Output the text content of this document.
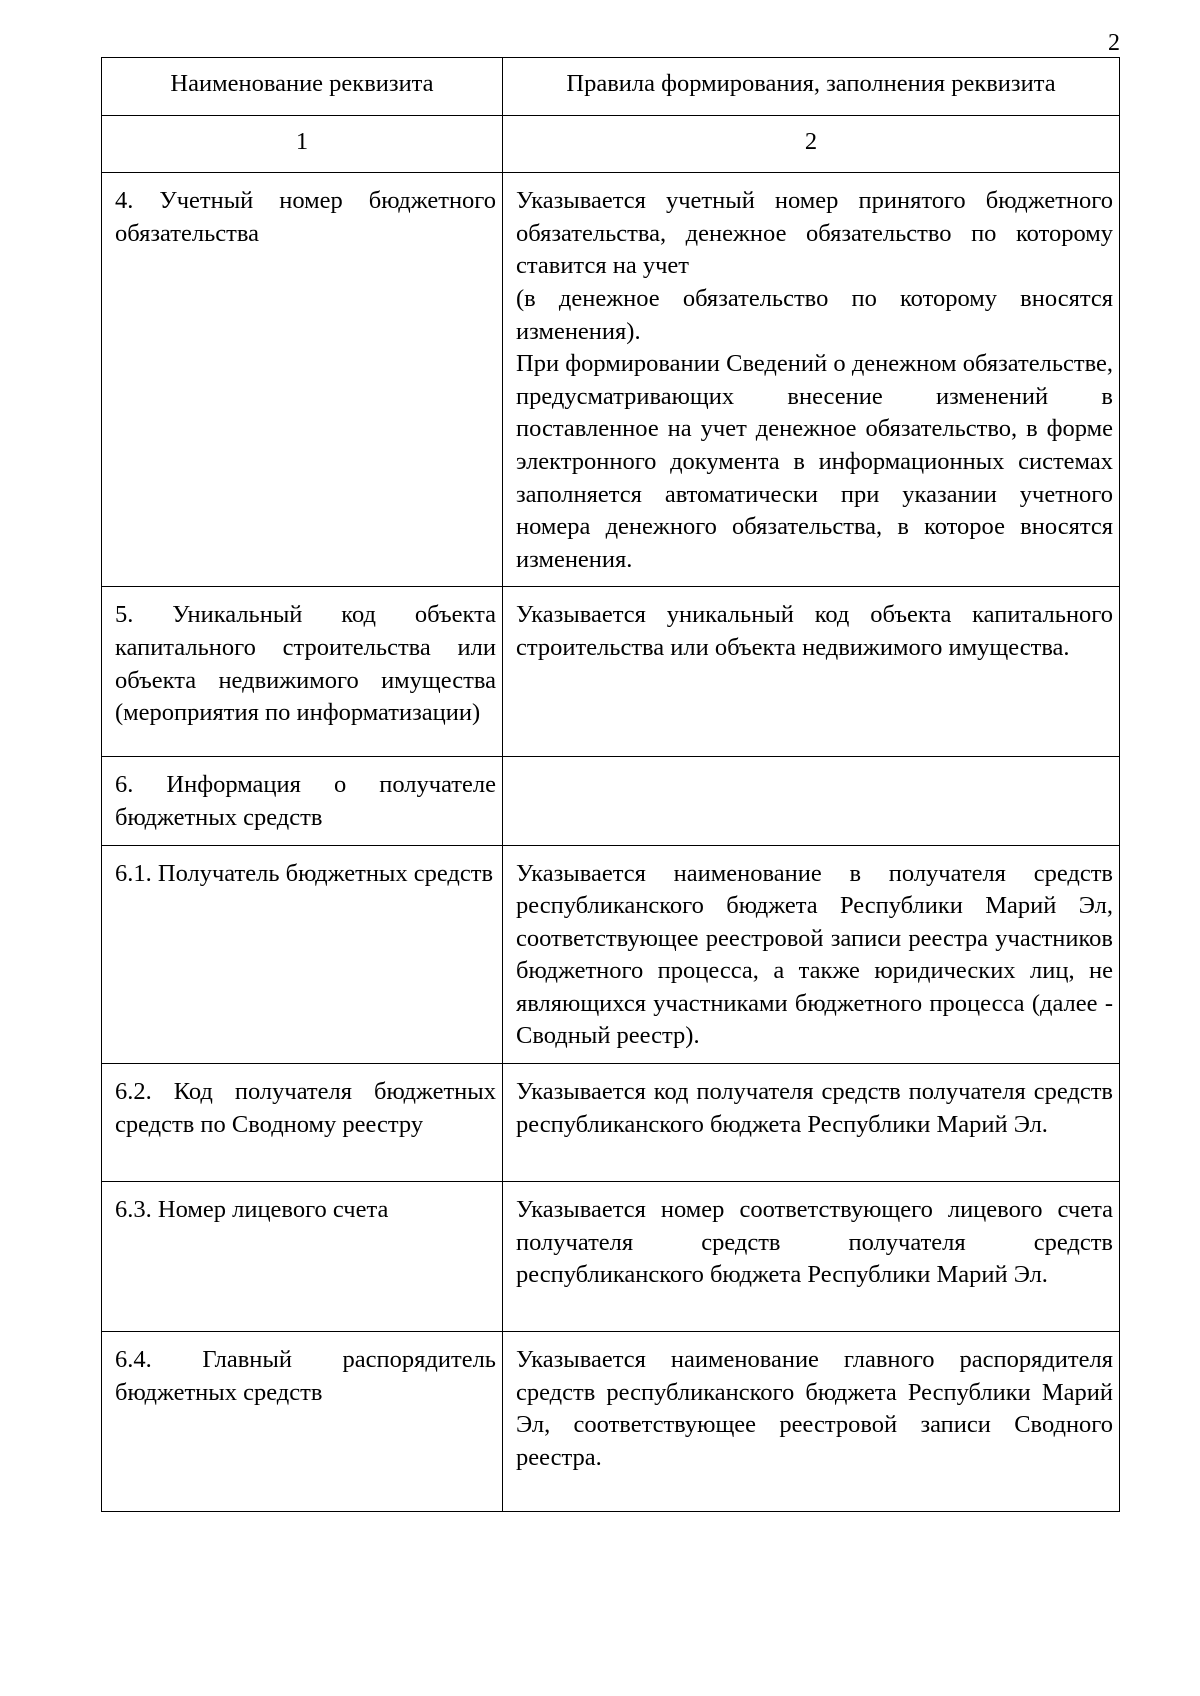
2
Наименование реквизита	Правила формирования, заполнения реквизита
1	2

4. Учетный номер бюджетного обязательства	Указывается учетный номер принятого бюджетного обязательства, денежное обязательство по которому ставится на учет
(в денежное обязательство по которому вносятся изменения).
При формировании Сведений о денежном обязательстве, предусматривающих внесение изменений в поставленное на учет денежное обязательство, в форме электронного документа в информационных системах заполняется автоматически при указании учетного номера денежного обязательства, в которое вносятся изменения.

5. Уникальный код объекта капитального строительства или объекта недвижимого имущества (мероприятия по информатизации)	Указывается уникальный код объекта капитального строительства или объекта недвижимого имущества.

6. Информация о получателе бюджетных средств	

6.1. Получатель бюджетных средств	Указывается наименование в получателя средств республиканского бюджета Республики Марий Эл, соответствующее реестровой записи реестра участников бюджетного процесса, а также юридических лиц, не являющихся участниками бюджетного процесса (далее - Сводный реестр).

6.2. Код получателя бюджетных средств по Сводному реестру	Указывается код получателя средств получателя средств республиканского бюджета Республики Марий Эл.

6.3. Номер лицевого счета	Указывается номер соответствующего лицевого счета получателя средств получателя средств республиканского бюджета Республики Марий Эл.

6.4. Главный распорядитель бюджетных средств	Указывается наименование главного распорядителя средств республиканского бюджета Республики Марий Эл, соответствующее реестровой записи Сводного реестра.
